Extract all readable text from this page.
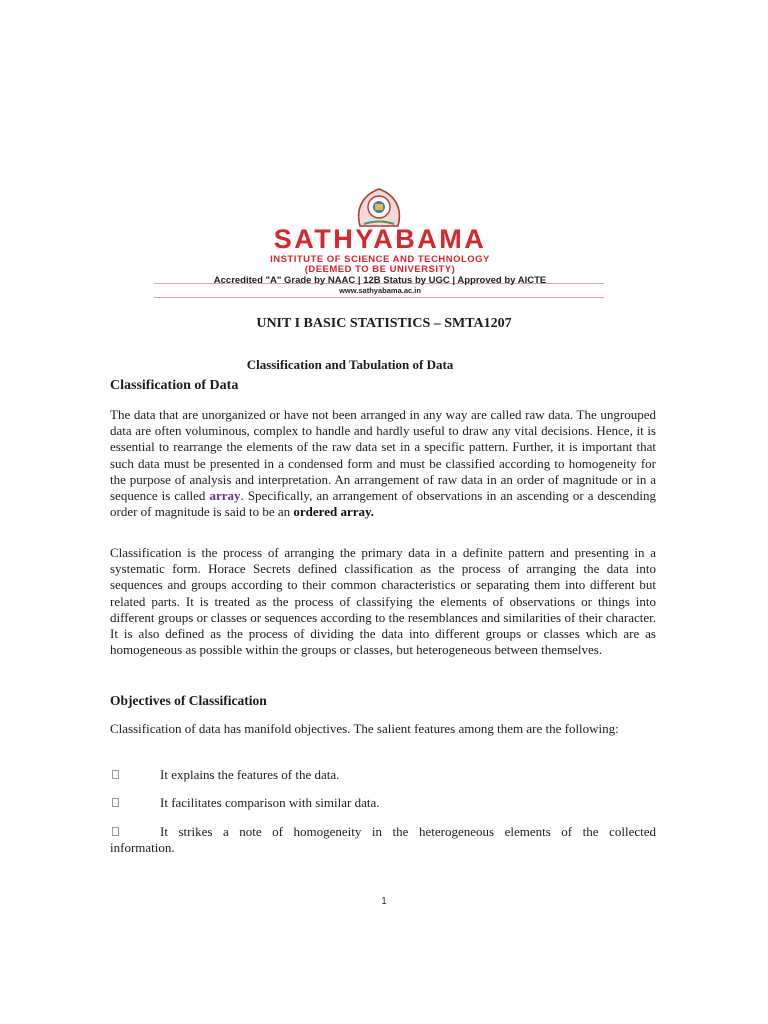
SATHYABAMA
INSTITUTE OF SCIENCE AND TECHNOLOGY
(DEEMED TO BE UNIVERSITY)
Accredited "A" Grade by NAAC | 12B Status by UGC | Approved by AICTE
www.sathyabama.ac.in
UNIT I BASIC STATISTICS – SMTA1207
Classification and Tabulation of Data
Classification of Data

The data that are unorganized or have not been arranged in any way are called raw data. The ungrouped data are often voluminous, complex to handle and hardly useful to draw any vital decisions. Hence, it is essential to rearrange the elements of the raw data set in a specific pattern. Further, it is important that such data must be presented in a condensed form and must be classified according to homogeneity for the purpose of analysis and interpretation. An arrangement of raw data in an order of magnitude or in a sequence is called array. Specifically, an arrangement of observations in an ascending or a descending order of magnitude is said to be an ordered array.

Classification is the process of arranging the primary data in a definite pattern and presenting in a systematic form. Horace Secrets defined classification as the process of arranging the data into sequences and groups according to their common characteristics or separating them into different but related parts. It is treated as the process of classifying the elements of observations or things into different groups or classes or sequences according to the resemblances and similarities of their character. It is also defined as the process of dividing the data into different groups or classes which are as homogeneous as possible within the groups or classes, but heterogeneous between themselves.

Objectives of Classification

Classification of data has manifold objectives. The salient features among them are the following:

It explains the features of the data.
It facilitates comparison with similar data.
It strikes a note of homogeneity in the heterogeneous elements of the collected
information.
1
